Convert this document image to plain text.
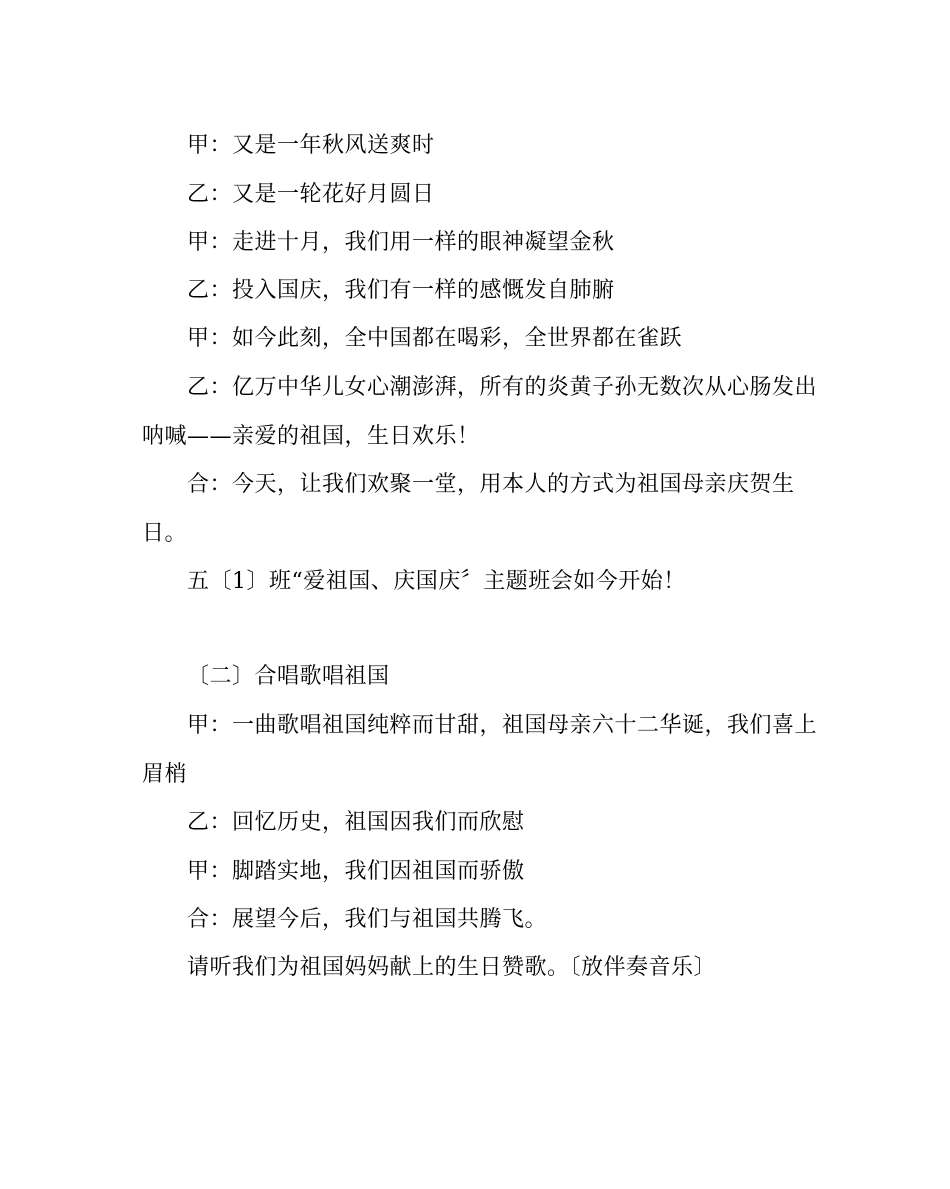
甲：又是一年秋风送爽时
乙：又是一轮花好月圆日
甲：走进十月，我们用一样的眼神凝望金秋
乙：投入国庆，我们有一样的感慨发自肺腑
甲：如今此刻，全中国都在喝彩，全世界都在雀跃
乙：亿万中华儿女心潮澎湃，所有的炎黄子孙无数次从心肠发出
呐喊——亲爱的祖国，生日欢乐！
合：今天，让我们欢聚一堂，用本人的方式为祖国母亲庆贺生
日。
五〔1〕班“爱祖国、庆国庆〞主题班会如今开始！
〔二〕合唱歌唱祖国
甲：一曲歌唱祖国纯粹而甘甜，祖国母亲六十二华诞，我们喜上
眉梢
乙：回忆历史，祖国因我们而欣慰
甲：脚踏实地，我们因祖国而骄傲
合：展望今后，我们与祖国共腾飞。
请听我们为祖国妈妈献上的生日赞歌。〔放伴奏音乐〕
